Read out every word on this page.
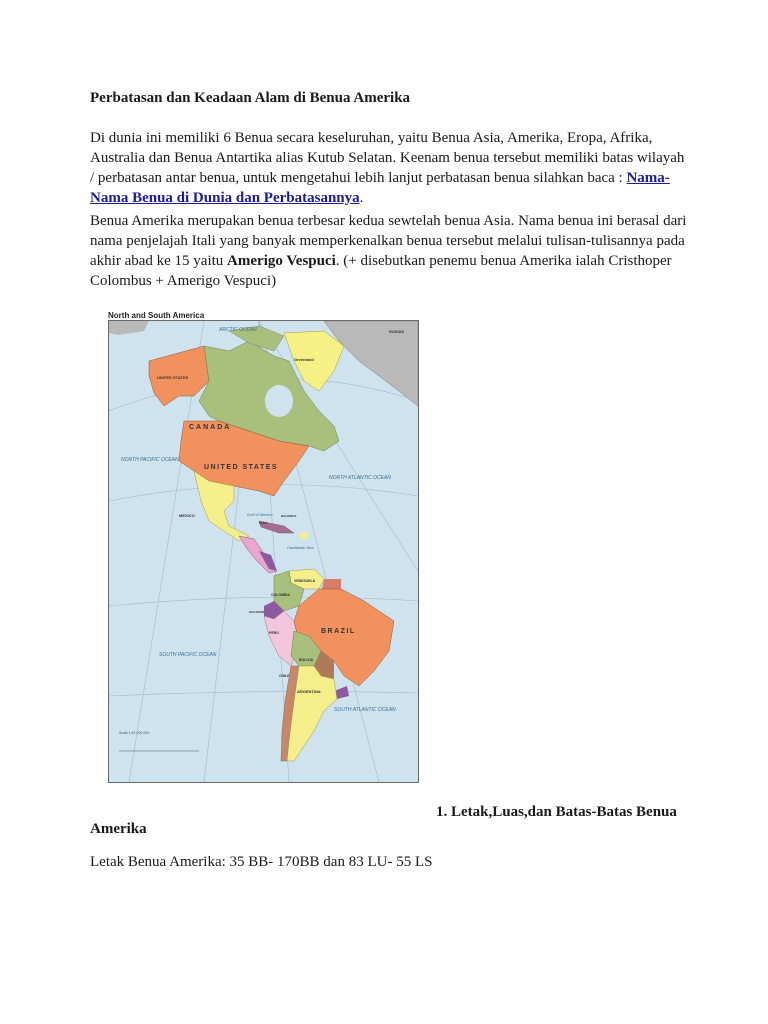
Perbatasan dan Keadaan Alam di Benua Amerika

Di dunia ini memiliki 6 Benua secara keseluruhan, yaitu Benua Asia, Amerika, Eropa, Afrika, Australia dan Benua Antartika alias Kutub Selatan. Keenam benua tersebut memiliki batas wilayah / perbatasan antar benua, untuk mengetahui lebih lanjut perbatasan benua silahkan baca : Nama-Nama Benua di Dunia dan Perbatasannya.

Benua Amerika merupakan benua terbesar kedua sewtelah benua Asia. Nama benua ini berasal dari nama penjelajah Itali yang banyak memperkenalkan benua tersebut melalui tulisan-tulisannya pada akhir abad ke 15 yaitu Amerigo Vespuci. (+ disebutkan penemu benua Amerika ialah Cristhoper Colombus + Amerigo Vespuci)

North and South America
ARCTIC OCEAN
NORTH PACIFIC OCEAN
NORTH ATLANTIC OCEAN
Gulf of Mexico
Caribbean Sea
SOUTH PACIFIC OCEAN
SOUTH ATLANTIC OCEAN
RUSSIA
UNITED STATES
Greenland
CANADA
UNITED STATES
MEXICO	BAHAMAS
CUBA
VENEZUELA
COLOMBIA
ECUADOR
PERU	BRAZIL
BOLIVIA
CHILE
ARGENTINA
Scale 1:57,000,000

1. Letak,Luas,dan Batas-Batas Benua

Amerika

Letak Benua Amerika: 35 BB- 170BB dan 83 LU- 55 LS
